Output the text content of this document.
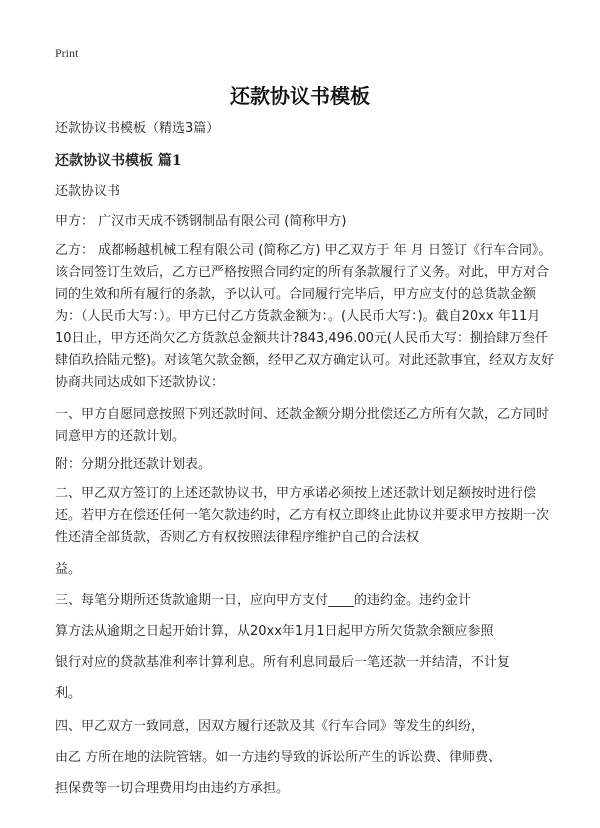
Print
还款协议书模板
还款协议书模板（精选3篇）
还款协议书模板 篇1
还款协议书
甲方： 广汉市天成不锈钢制品有限公司 (简称甲方)
乙方： 成都畅越机械工程有限公司 (简称乙方) 甲乙双方于 年 月 日签订《行车合同》。该合同签订生效后，乙方已严格按照合同约定的所有条款履行了义务。对此，甲方对合同的生效和所有履行的条款，予以认可。合同履行完毕后，甲方应支付的总货款金额为：（人民币大写：）。甲方已付乙方货款金额为：。(人民币大写：)。截自20xx 年11月10日止，甲方还尚欠乙方货款总金额共计?843,496.00元(人民币大写：捌拾肆万叁仟肆佰玖拾陆元整)。对该笔欠款金额，经甲乙双方确定认可。对此还款事宜，经双方友好协商共同达成如下还款协议：
一、甲方自愿同意按照下列还款时间、还款金额分期分批偿还乙方所有欠款，乙方同时同意甲方的还款计划。
附：分期分批还款计划表。
二、甲乙双方签订的上述还款协议书，甲方承诺必须按上述还款计划足额按时进行偿还。若甲方在偿还任何一笔欠款违约时，乙方有权立即终止此协议并要求甲方按期一次性还清全部货款，否则乙方有权按照法律程序维护自己的合法权
益。
三、每笔分期所还货款逾期一日，应向甲方支付____的违约金。违约金计
算方法从逾期之日起开始计算，从20xx年1月1日起甲方所欠货款余额应参照
银行对应的贷款基准利率计算利息。所有利息同最后一笔还款一并结清，不计复
利。
四、甲乙双方一致同意，因双方履行还款及其《行车合同》等发生的纠纷，
由乙 方所在地的法院管辖。如一方违约导致的诉讼所产生的诉讼费、律师费、
担保费等一切合理费用均由违约方承担。
